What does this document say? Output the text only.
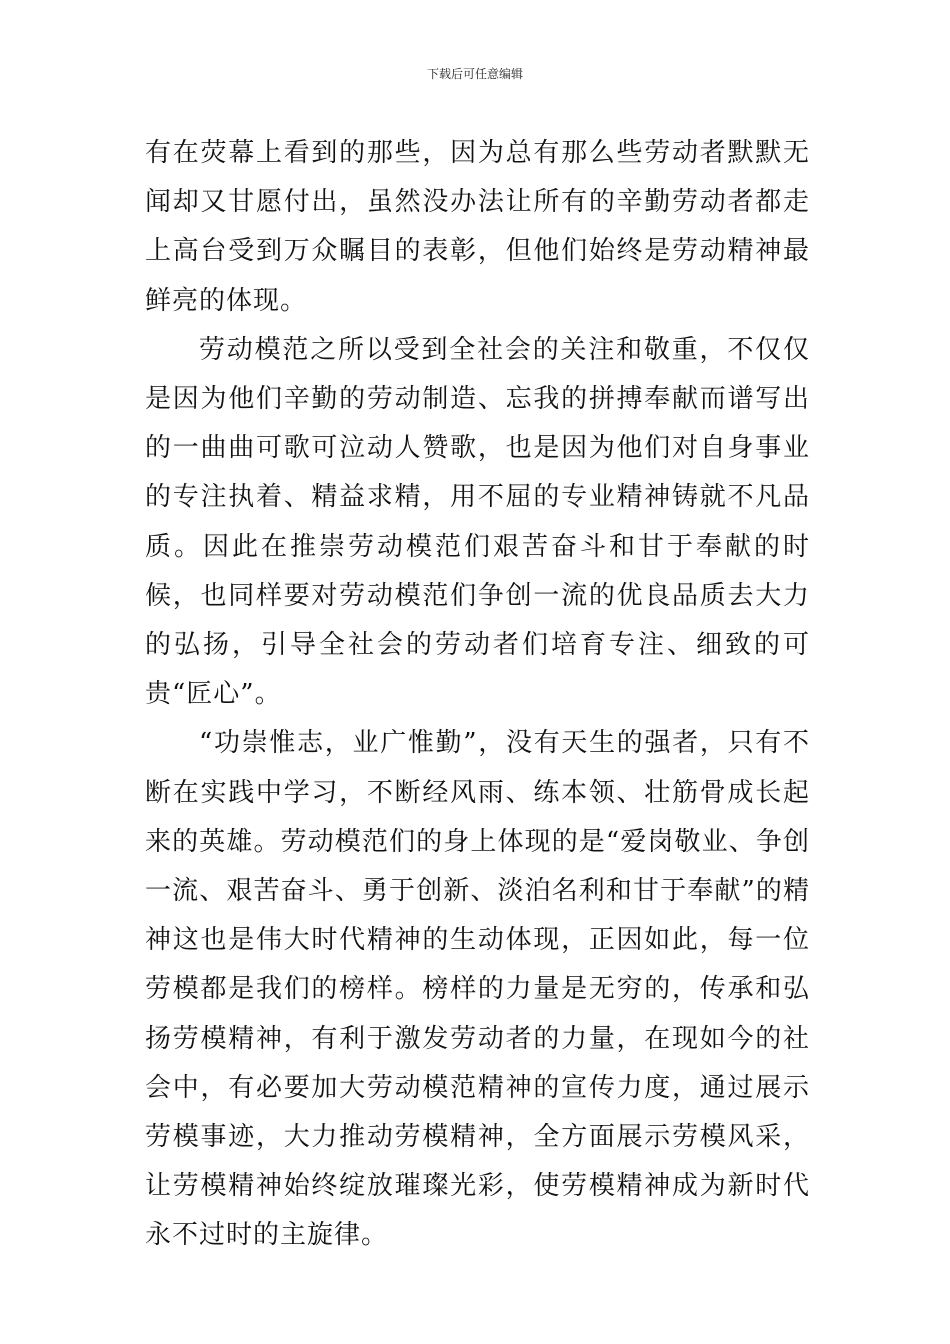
下载后可任意编辑

有在荧幕上看到的那些，因为总有那么些劳动者默默无闻却又甘愿付出，虽然没办法让所有的辛勤劳动者都走上高台受到万众瞩目的表彰，但他们始终是劳动精神最鲜亮的体现。

劳动模范之所以受到全社会的关注和敬重，不仅仅是因为他们辛勤的劳动制造、忘我的拼搏奉献而谱写出的一曲曲可歌可泣动人赞歌，也是因为他们对自身事业的专注执着、精益求精，用不屈的专业精神铸就不凡品质。因此在推崇劳动模范们艰苦奋斗和甘于奉献的时候，也同样要对劳动模范们争创一流的优良品质去大力的弘扬，引导全社会的劳动者们培育专注、细致的可贵“匠心”。

“功崇惟志，业广惟勤”，没有天生的强者，只有不断在实践中学习，不断经风雨、练本领、壮筋骨成长起来的英雄。劳动模范们的身上体现的是“爱岗敬业、争创一流、艰苦奋斗、勇于创新、淡泊名利和甘于奉献”的精神这也是伟大时代精神的生动体现，正因如此，每一位劳模都是我们的榜样。榜样的力量是无穷的，传承和弘扬劳模精神，有利于激发劳动者的力量，在现如今的社会中，有必要加大劳动模范精神的宣传力度，通过展示劳模事迹，大力推动劳模精神，全方面展示劳模风采，让劳模精神始终绽放璀璨光彩，使劳模精神成为新时代永不过时的主旋律。
